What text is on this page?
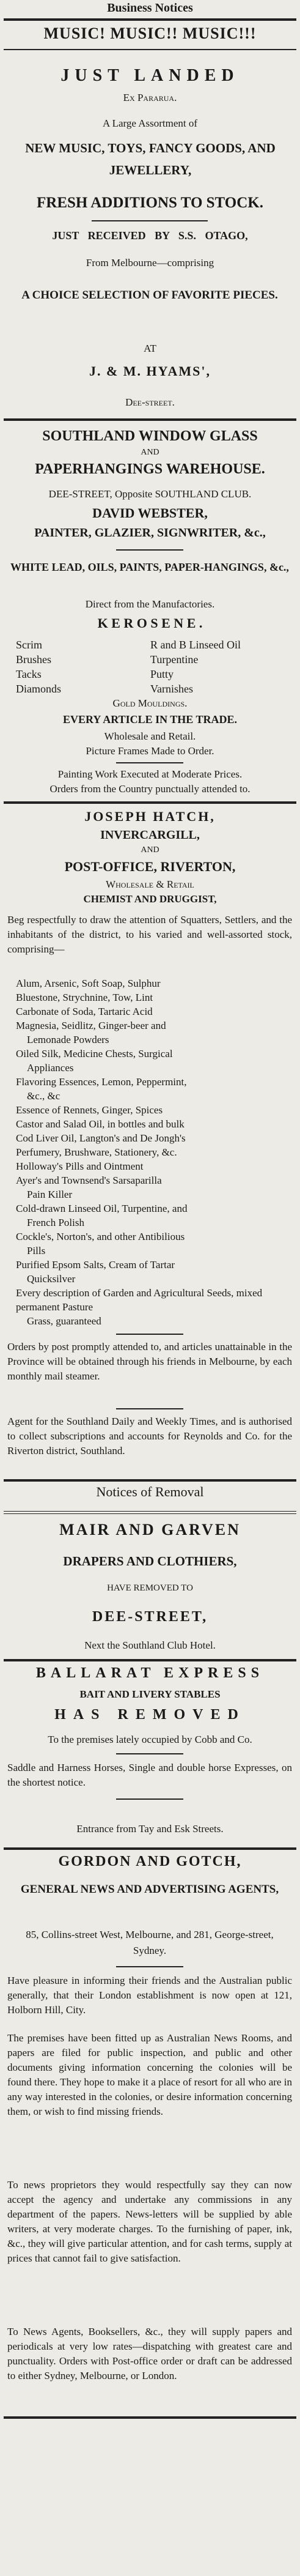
Business Notices
MUSIC! MUSIC!! MUSIC!!!
JUST LANDED
Ex Pararua.
A Large Assortment of
NEW MUSIC, TOYS, FANCY GOODS, AND JEWELLERY,
FRESH ADDITIONS TO STOCK.
JUST RECEIVED BY S.S. OTAGO,
From Melbourne—comprising
A CHOICE SELECTION OF FAVORITE PIECES.
AT
J. & M. HYAMS',
Dee-street.
SOUTHLAND WINDOW GLASS
AND
PAPERHANGINGS WAREHOUSE.
DEE-STREET, Opposite SOUTHLAND CLUB.
DAVID WEBSTER,
PAINTER, GLAZIER, SIGNWRITER, &c.,
WHITE LEAD, OILS, PAINTS, PAPER-HANGINGS, &c.,
Direct from the Manufactories.
K E R O S E N E .
Scrim	R and B Linseed Oil
Brushes	Turpentine
Tacks	Putty
Diamonds	Varnishes
Gold Mouldings.
EVERY ARTICLE IN THE TRADE.
Wholesale and Retail.
Picture Frames Made to Order.
Painting Work Executed at Moderate Prices.
Orders from the Country punctually attended to.
JOSEPH HATCH,
INVERCARGILL,
AND
POST-OFFICE, RIVERTON,
Wholesale & Retail
CHEMIST AND DRUGGIST,
Beg respectfully to draw the attention of Squatters, Settlers, and the inhabitants of the district, to his varied and well-assorted stock, comprising—
Alum, Arsenic, Soft Soap, Sulphur
Bluestone, Strychnine, Tow, Lint
Carbonate of Soda, Tartaric Acid
Magnesia, Seidlitz, Ginger-beer and
Lemonade Powders
Oiled Silk, Medicine Chests, Surgical
Appliances
Flavoring Essences, Lemon, Peppermint,
&c., &c
Essence of Rennets, Ginger, Spices
Castor and Salad Oil, in bottles and bulk
Cod Liver Oil, Langton's and De Jongh's
Perfumery, Brushware, Stationery, &c.
Holloway's Pills and Ointment
Ayer's and Townsend's Sarsaparilla
Pain Killer
Cold-drawn Linseed Oil, Turpentine, and
French Polish
Cockle's, Norton's, and other Antibilious
Pills
Purified Epsom Salts, Cream of Tartar
Quicksilver
Every description of Garden and Agricultural Seeds, mixed permanent Pasture
Grass, guaranteed
Orders by post promptly attended to, and articles unattainable in the Province will be obtained through his friends in Melbourne, by each monthly mail steamer.
Agent for the Southland Daily and Weekly Times, and is authorised to collect subscriptions and accounts for Reynolds and Co. for the Riverton district, Southland.
Notices of Removal
MAIR AND GARVEN
DRAPERS AND CLOTHIERS,
HAVE REMOVED TO
DEE-STREET,
Next the Southland Club Hotel.
BALLARAT EXPRESS
BAIT AND LIVERY STABLES
HAS REMOVED
To the premises lately occupied by Cobb and Co.
Saddle and Harness Horses, Single and double horse Expresses, on the shortest notice.
Entrance from Tay and Esk Streets.
GORDON AND GOTCH,
GENERAL NEWS AND ADVERTISING AGENTS,
85, Collins-street West, Melbourne, and 281, George-street, Sydney.
Have pleasure in informing their friends and the Australian public generally, that their London establishment is now open at 121, Holborn Hill, City.
The premises have been fitted up as Australian News Rooms, and papers are filed for public inspection, and public and other documents giving information concerning the colonies will be found there. They hope to make it a place of resort for all who are in any way interested in the colonies, or desire information concerning them, or wish to find missing friends.
To news proprietors they would respectfully say they can now accept the agency and undertake any commissions in any department of the papers. News-letters will be supplied by able writers, at very moderate charges. To the furnishing of paper, ink, &c., they will give particular attention, and for cash terms, supply at prices that cannot fail to give satisfaction.
To News Agents, Booksellers, &c., they will supply papers and periodicals at very low rates—dispatching with greatest care and punctuality. Orders with Post-office order or draft can be addressed to either Sydney, Melbourne, or London.
